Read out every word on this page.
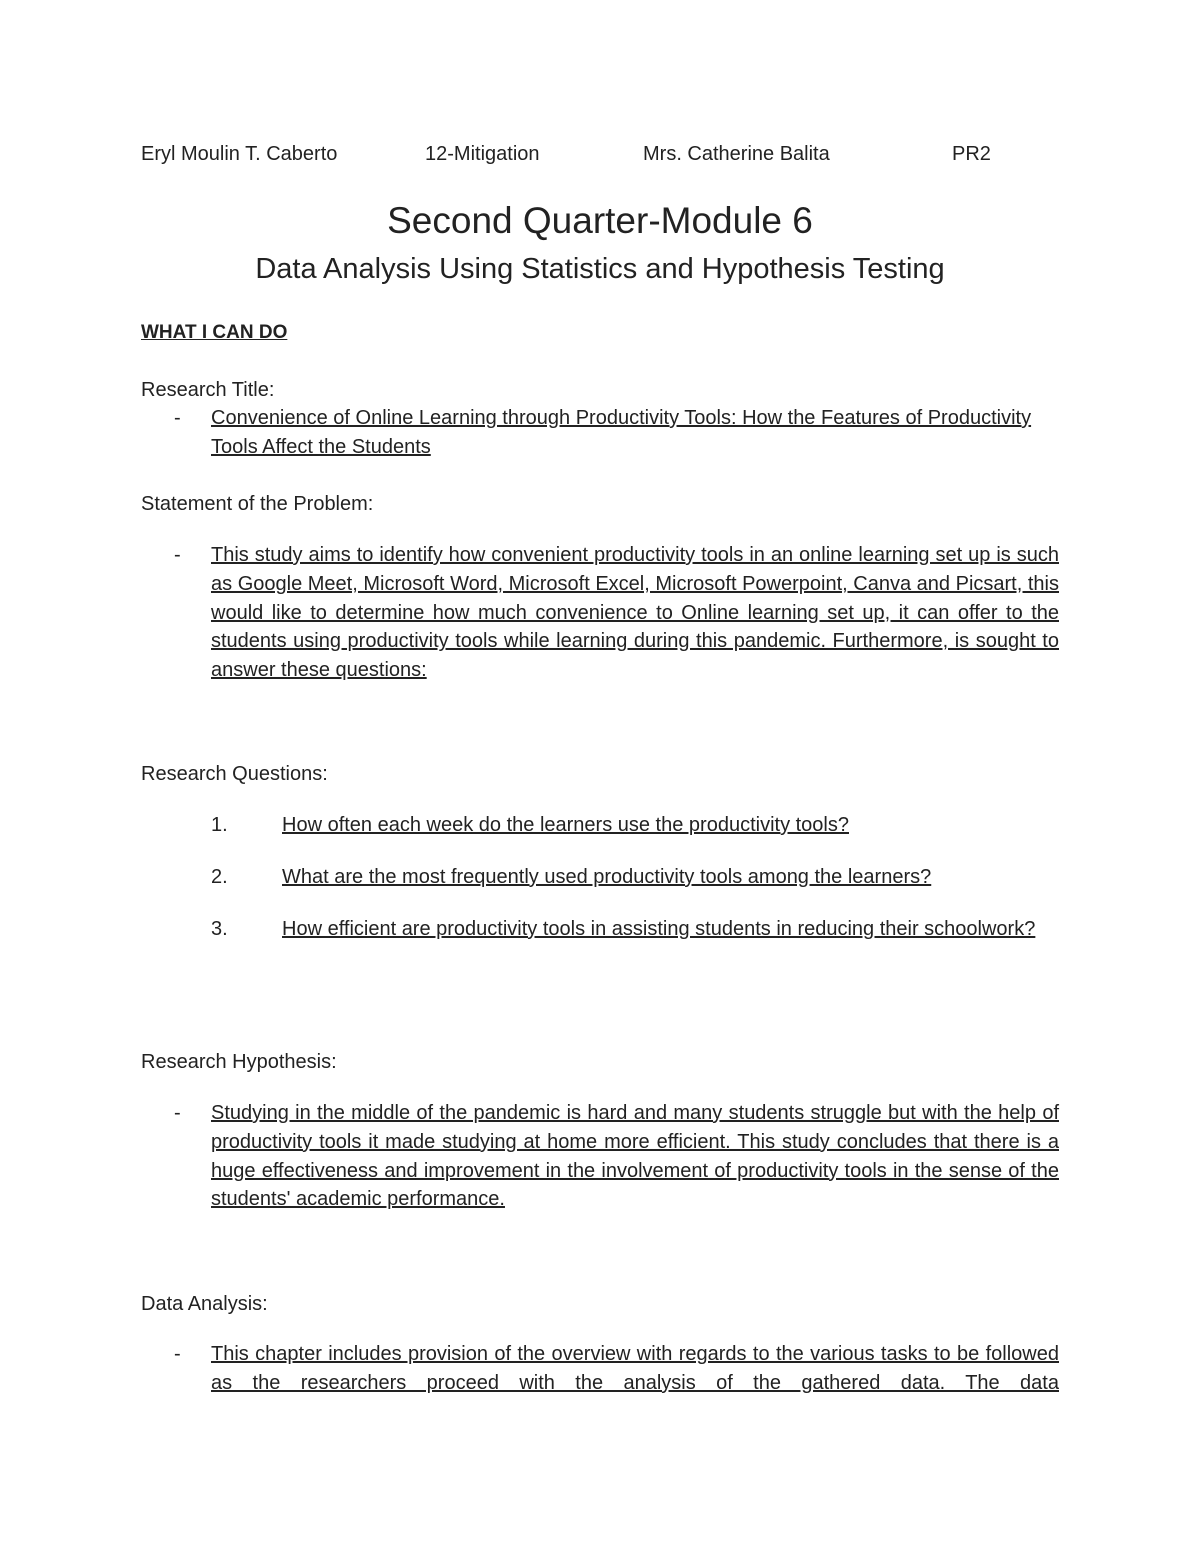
Eryl Moulin T. Caberto	12-Mitigation	Mrs. Catherine Balita	PR2
Second Quarter-Module 6
Data Analysis Using Statistics and Hypothesis Testing
WHAT I CAN DO
Research Title:
- Convenience of Online Learning through Productivity Tools: How the Features of Productivity Tools Affect the Students
Statement of the Problem:
- This study aims to identify how convenient productivity tools in an online learning set up is such as Google Meet, Microsoft Word, Microsoft Excel, Microsoft Powerpoint, Canva and Picsart, this would like to determine how much convenience to Online learning set up, it can offer to the students using productivity tools while learning during this pandemic. Furthermore, is sought to answer these questions:
Research Questions:
1.	How often each week do the learners use the productivity tools?
2.	What are the most frequently used productivity tools among the learners?
3.	How efficient are productivity tools in assisting students in reducing their schoolwork?
Research Hypothesis:
- Studying in the middle of the pandemic is hard and many students struggle but with the help of productivity tools it made studying at home more efficient. This study concludes that there is a huge effectiveness and improvement in the involvement of productivity tools in the sense of the students' academic performance.
Data Analysis:
- This chapter includes provision of the overview with regards to the various tasks to be followed as the researchers proceed with the analysis of the gathered data. The data
